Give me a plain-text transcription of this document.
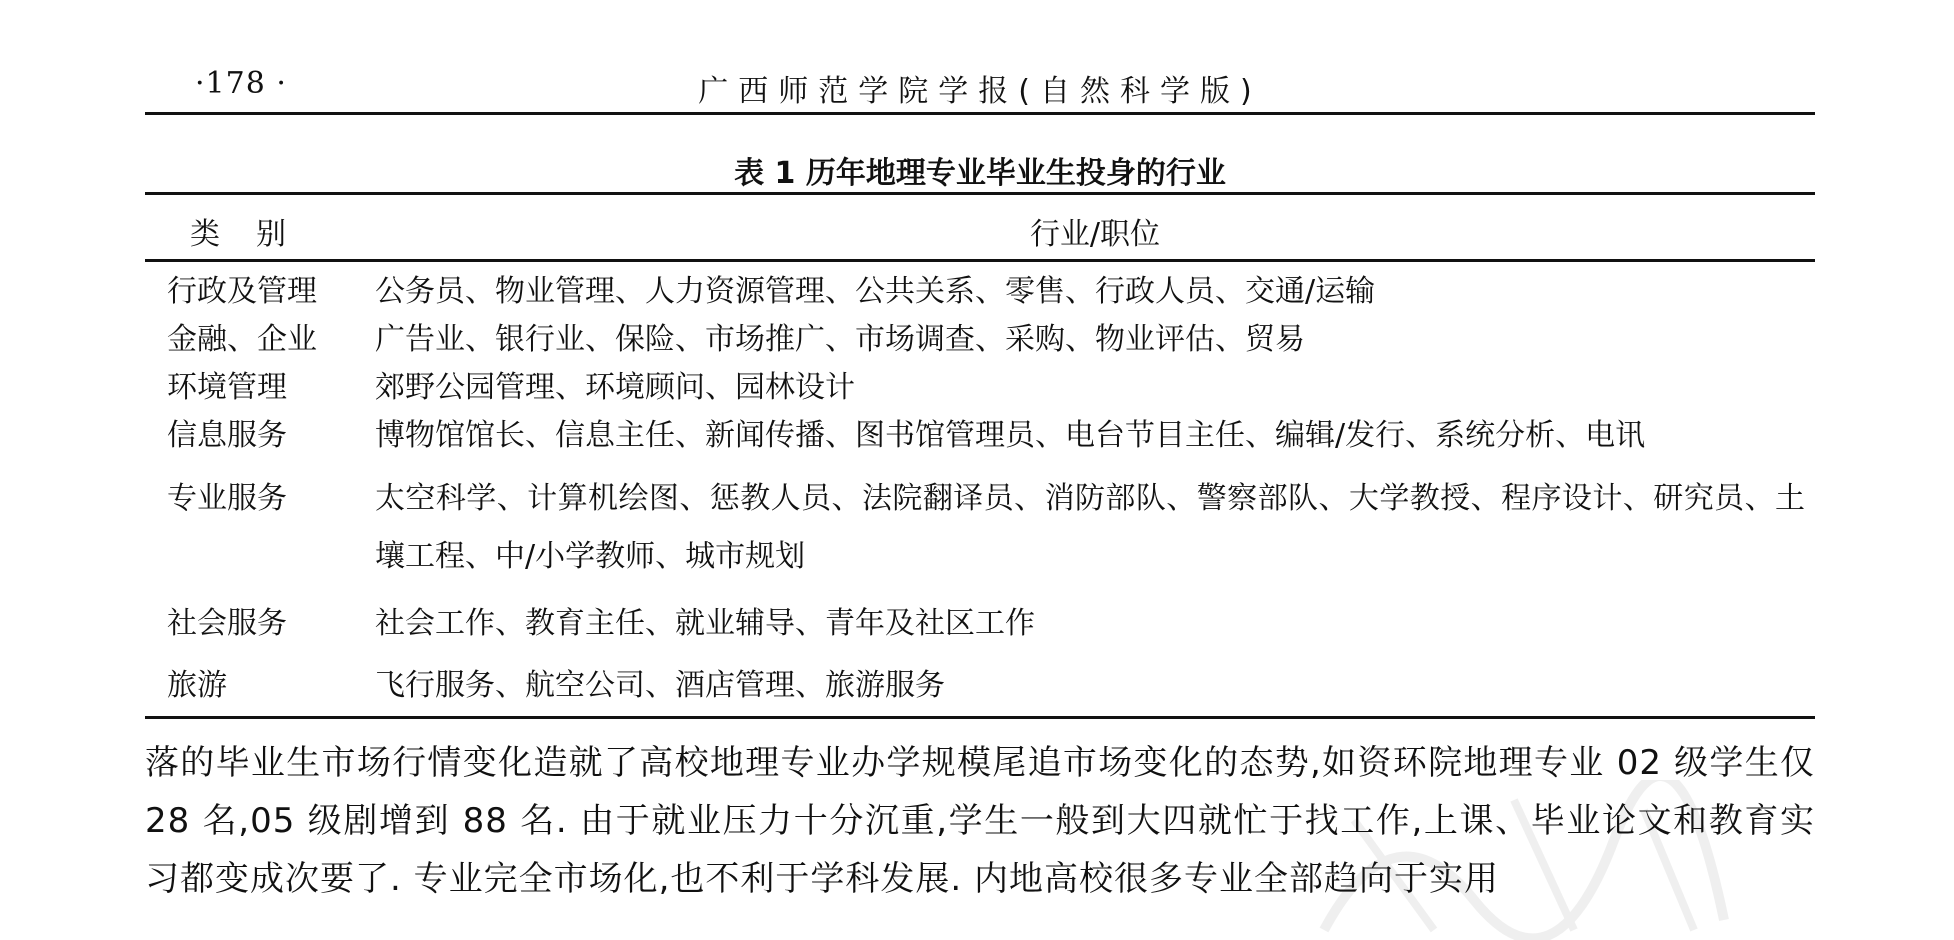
·178 ·	广西师范学院学报(自然科学版)
表 1 历年地理专业毕业生投身的行业
类别	行业/职位
行政及管理	公务员、物业管理、人力资源管理、公共关系、零售、行政人员、交通/运输
金融、企业	广告业、银行业、保险、市场推广、市场调查、采购、物业评估、贸易
环境管理	郊野公园管理、环境顾问、园林设计
信息服务	博物馆馆长、信息主任、新闻传播、图书馆管理员、电台节目主任、编辑/发行、系统分析、电讯
专业服务	太空科学、计算机绘图、惩教人员、法院翻译员、消防部队、警察部队、大学教授、程序设计、研究员、土壤工程、中/小学教师、城市规划
社会服务	社会工作、教育主任、就业辅导、青年及社区工作
旅游	飞行服务、航空公司、酒店管理、旅游服务
落的毕业生市场行情变化造就了高校地理专业办学规模尾追市场变化的态势,如资环院地理专业 02 级学生仅 28 名,05 级剧增到 88 名. 由于就业压力十分沉重,学生一般到大四就忙于找工作,上课、毕业论文和教育实习都变成次要了. 专业完全市场化,也不利于学科发展. 内地高校很多专业全部趋向于实用
